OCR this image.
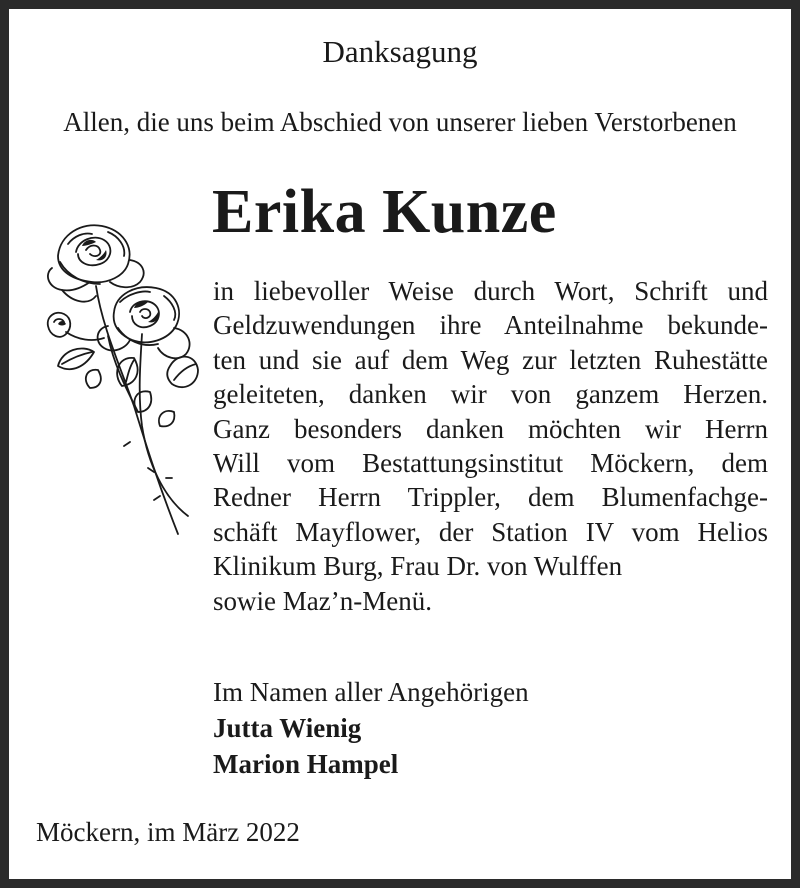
Danksagung
Allen, die uns beim Abschied von unserer lieben Verstorbenen
Erika Kunze
in liebevoller Weise durch Wort, Schrift und
Geldzuwendungen ihre Anteilnahme bekunde-
ten und sie auf dem Weg zur letzten Ruhestätte
geleiteten, danken wir von ganzem Herzen.
Ganz besonders danken möchten wir Herrn
Will vom Bestattungsinstitut Möckern, dem
Redner Herrn Trippler, dem Blumenfachge-
schäft Mayflower, der Station IV vom Helios
Klinikum Burg, Frau Dr. von Wulffen
sowie Maz’n-Menü.
Im Namen aller Angehörigen
Jutta Wienig
Marion Hampel
Möckern, im März 2022
